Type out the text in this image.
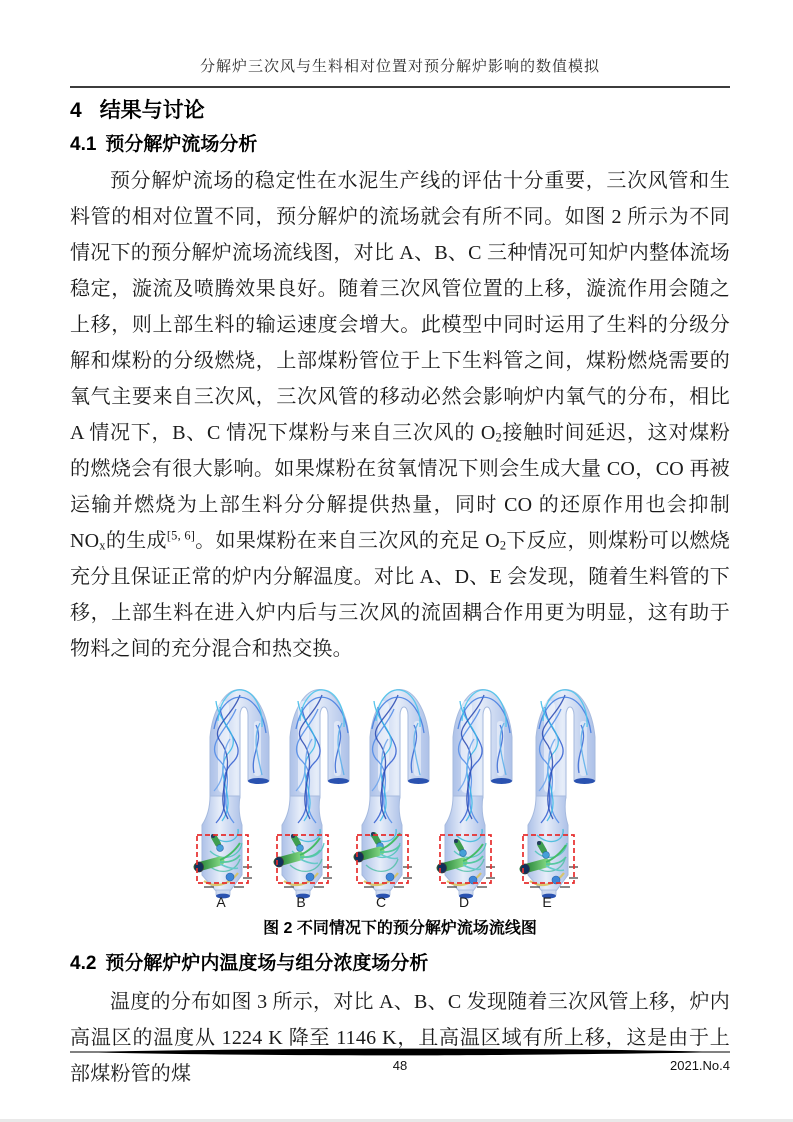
分解炉三次风与生料相对位置对预分解炉影响的数值模拟
4 结果与讨论
4.1 预分解炉流场分析

预分解炉流场的稳定性在水泥生产线的评估十分重要，三次风管和生料管的相对位置不同，预分解炉的流场就会有所不同。如图 2 所示为不同情况下的预分解炉流场流线图，对比 A、B、C 三种情况可知炉内整体流场稳定，漩流及喷腾效果良好。随着三次风管位置的上移，漩流作用会随之上移，则上部生料的输运速度会增大。此模型中同时运用了生料的分级分解和煤粉的分级燃烧，上部煤粉管位于上下生料管之间，煤粉燃烧需要的氧气主要来自三次风，三次风管的移动必然会影响炉内氧气的分布，相比 A 情况下，B、C 情况下煤粉与来自三次风的 $O_2$接触时间延迟，这对煤粉的燃烧会有很大影响。如果煤粉在贫氧情况下则会生成大量 CO，CO 再被运输并燃烧为上部生料分分解提供热量，同时 CO 的还原作用也会抑制 $NO_x$的生成[5, 6]。如果煤粉在来自三次风的充足 $O_2$下反应，则煤粉可以燃烧充分且保证正常的炉内分解温度。对比 A、D、E 会发现，随着生料管的下移，上部生料在进入炉内后与三次风的流固耦合作用更为明显，这有助于物料之间的充分混合和热交换。

A	B	C	D	E
图 2 不同情况下的预分解炉流场流线图
4.2 预分解炉炉内温度场与组分浓度场分析

温度的分布如图 3 所示，对比 A、B、C 发现随着三次风管上移，炉内高温区的温度从 1224 K 降至 1146 K，且高温区域有所上移，这是由于上部煤粉管的煤	48	2021.No.4
